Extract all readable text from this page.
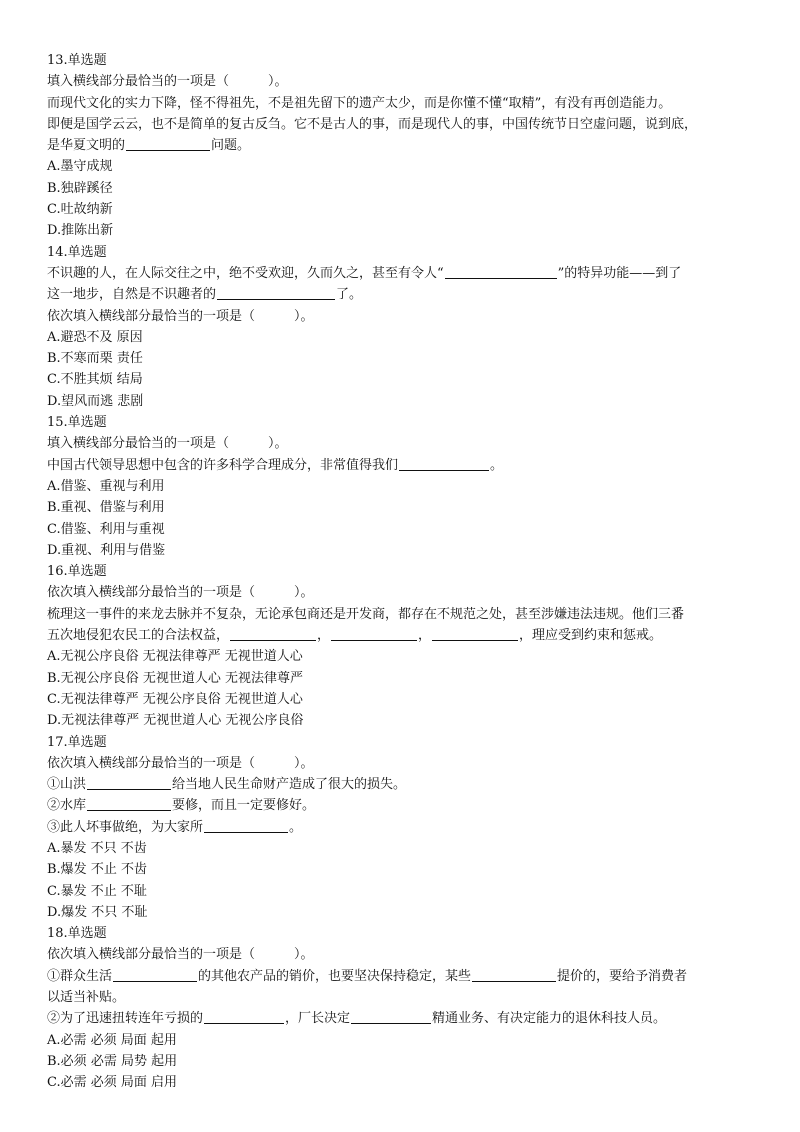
13.单选题
填入横线部分最恰当的一项是（　　　）。
而现代文化的实力下降，怪不得祖先，不是祖先留下的遗产太少，而是你懂不懂“取精”，有没有再创造能力。
即便是国学云云，也不是简单的复古反刍。它不是古人的事，而是现代人的事，中国传统节日空虚问题，说到底，
是华夏文明的	问题。
A.墨守成规
B.独辟蹊径
C.吐故纳新
D.推陈出新
14.单选题
不识趣的人，在人际交往之中，绝不受欢迎，久而久之，甚至有令人“	”的特异功能——到了
这一地步，自然是不识趣者的	了。
依次填入横线部分最恰当的一项是（　　　）。
A.避恐不及 原因
B.不寒而栗 责任
C.不胜其烦 结局
D.望风而逃 悲剧
15.单选题
填入横线部分最恰当的一项是（　　　）。
中国古代领导思想中包含的许多科学合理成分，非常值得我们	。
A.借鉴、重视与利用
B.重视、借鉴与利用
C.借鉴、利用与重视
D.重视、利用与借鉴
16.单选题
依次填入横线部分最恰当的一项是（　　　）。
梳理这一事件的来龙去脉并不复杂，无论承包商还是开发商，都存在不规范之处，甚至涉嫌违法违规。他们三番
五次地侵犯农民工的合法权益，	，	，	，理应受到约束和惩戒。
A.无视公序良俗 无视法律尊严 无视世道人心
B.无视公序良俗 无视世道人心 无视法律尊严
C.无视法律尊严 无视公序良俗 无视世道人心
D.无视法律尊严 无视世道人心 无视公序良俗
17.单选题
依次填入横线部分最恰当的一项是（　　　）。
①山洪	给当地人民生命财产造成了很大的损失。
②水库	要修，而且一定要修好。
③此人坏事做绝，为大家所	。
A.暴发 不只 不齿
B.爆发 不止 不齿
C.暴发 不止 不耻
D.爆发 不只 不耻
18.单选题
依次填入横线部分最恰当的一项是（　　　）。
①群众生活	的其他农产品的销价，也要坚决保持稳定，某些	提价的，要给予消费者
以适当补贴。
②为了迅速扭转连年亏损的	，厂长决定	精通业务、有决定能力的退休科技人员。
A.必需 必须 局面 起用
B.必须 必需 局势 起用
C.必需 必须 局面 启用
